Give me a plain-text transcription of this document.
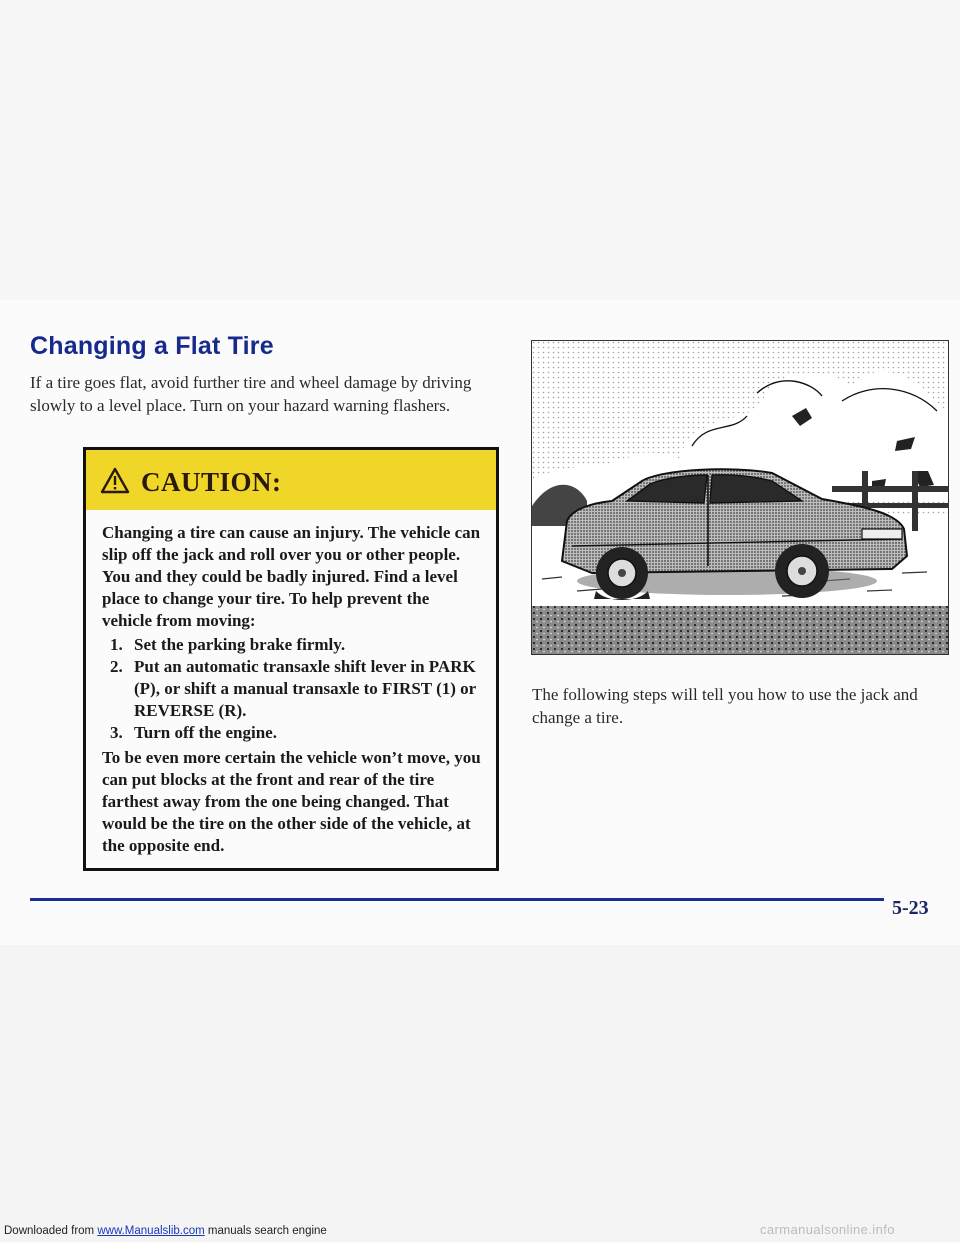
Changing a Flat Tire

If a tire goes flat, avoid further tire and wheel damage by driving slowly to a level place. Turn on your hazard warning flashers.

CAUTION:

Changing a tire can cause an injury. The vehicle can slip off the jack and roll over you or other people. You and they could be badly injured. Find a level place to change your tire. To help prevent the vehicle from moving:

1. Set the parking brake firmly.
2. Put an automatic transaxle shift lever in PARK (P), or shift a manual transaxle to FIRST (1) or REVERSE (R).
3. Turn off the engine.

To be even more certain the vehicle won’t move, you can put blocks at the front and rear of the tire farthest away from the one being changed. That would be the tire on the other side of the vehicle, at the opposite end.

The following steps will tell you how to use the jack and change a tire.

5-23

Downloaded from www.Manualslib.com manuals search engine	carmanualsonline.info
